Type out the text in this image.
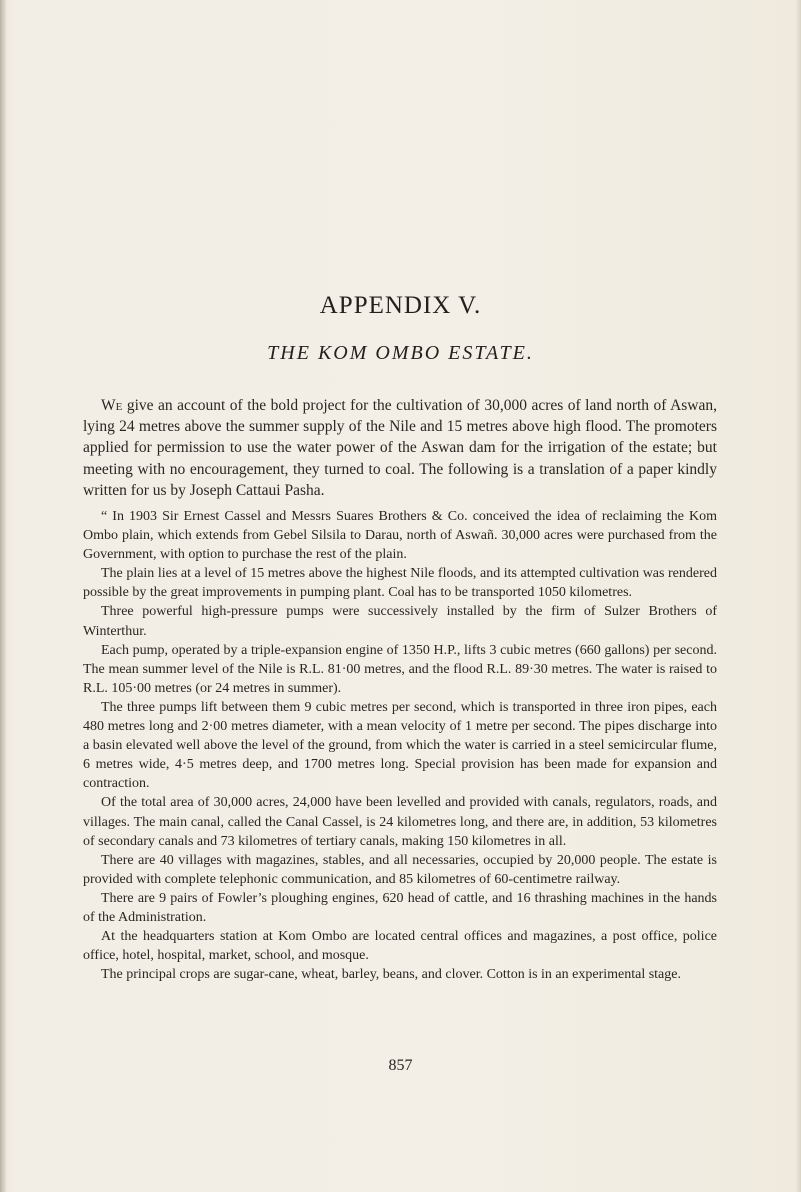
APPENDIX V.
THE KOM OMBO ESTATE.

We give an account of the bold project for the cultivation of 30,000 acres of land north of Aswan, lying 24 metres above the summer supply of the Nile and 15 metres above high flood. The promoters applied for permission to use the water power of the Aswan dam for the irrigation of the estate; but meeting with no encouragement, they turned to coal. The following is a translation of a paper kindly written for us by Joseph Cattaui Pasha.

“ In 1903 Sir Ernest Cassel and Messrs Suares Brothers & Co. conceived the idea of reclaiming the Kom Ombo plain, which extends from Gebel Silsila to Darau, north of Aswañ. 30,000 acres were purchased from the Government, with option to purchase the rest of the plain.

The plain lies at a level of 15 metres above the highest Nile floods, and its attempted cultivation was rendered possible by the great improvements in pumping plant. Coal has to be transported 1050 kilometres.

Three powerful high-pressure pumps were successively installed by the firm of Sulzer Brothers of Winterthur.

Each pump, operated by a triple-expansion engine of 1350 H.P., lifts 3 cubic metres (660 gallons) per second. The mean summer level of the Nile is R.L. 81·00 metres, and the flood R.L. 89·30 metres. The water is raised to R.L. 105·00 metres (or 24 metres in summer).

The three pumps lift between them 9 cubic metres per second, which is transported in three iron pipes, each 480 metres long and 2·00 metres diameter, with a mean velocity of 1 metre per second. The pipes discharge into a basin elevated well above the level of the ground, from which the water is carried in a steel semicircular flume, 6 metres wide, 4·5 metres deep, and 1700 metres long. Special provision has been made for expansion and contraction.

Of the total area of 30,000 acres, 24,000 have been levelled and provided with canals, regulators, roads, and villages. The main canal, called the Canal Cassel, is 24 kilometres long, and there are, in addition, 53 kilometres of secondary canals and 73 kilometres of tertiary canals, making 150 kilometres in all.

There are 40 villages with magazines, stables, and all necessaries, occupied by 20,000 people. The estate is provided with complete telephonic communication, and 85 kilometres of 60-centimetre railway.

There are 9 pairs of Fowler’s ploughing engines, 620 head of cattle, and 16 thrashing machines in the hands of the Administration.

At the headquarters station at Kom Ombo are located central offices and magazines, a post office, police office, hotel, hospital, market, school, and mosque.

The principal crops are sugar-cane, wheat, barley, beans, and clover. Cotton is in an experimental stage.

857
